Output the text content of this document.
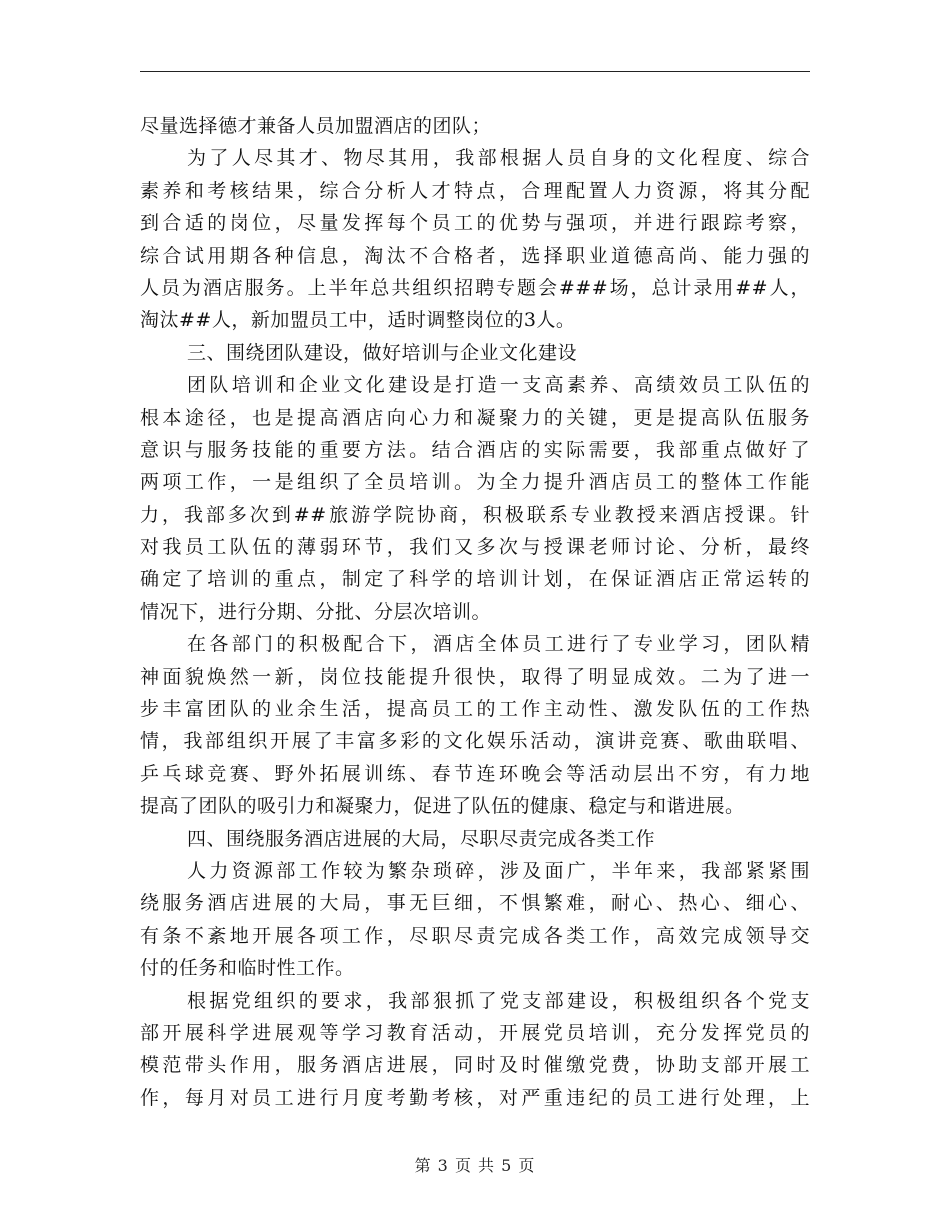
尽量选择德才兼备人员加盟酒店的团队；
为了人尽其才、物尽其用，我部根据人员自身的文化程度、综合
素养和考核结果，综合分析人才特点，合理配置人力资源，将其分配
到合适的岗位，尽量发挥每个员工的优势与强项，并进行跟踪考察，
综合试用期各种信息，淘汰不合格者，选择职业道德高尚、能力强的
人员为酒店服务。上半年总共组织招聘专题会###场，总计录用##人，
淘汰##人，新加盟员工中，适时调整岗位的3人。
三、围绕团队建设，做好培训与企业文化建设
团队培训和企业文化建设是打造一支高素养、高绩效员工队伍的
根本途径，也是提高酒店向心力和凝聚力的关键，更是提高队伍服务
意识与服务技能的重要方法。结合酒店的实际需要，我部重点做好了
两项工作，一是组织了全员培训。为全力提升酒店员工的整体工作能
力，我部多次到##旅游学院协商，积极联系专业教授来酒店授课。针
对我员工队伍的薄弱环节，我们又多次与授课老师讨论、分析，最终
确定了培训的重点，制定了科学的培训计划，在保证酒店正常运转的
情况下，进行分期、分批、分层次培训。
在各部门的积极配合下，酒店全体员工进行了专业学习，团队精
神面貌焕然一新，岗位技能提升很快，取得了明显成效。二为了进一
步丰富团队的业余生活，提高员工的工作主动性、激发队伍的工作热
情，我部组织开展了丰富多彩的文化娱乐活动，演讲竞赛、歌曲联唱、
乒乓球竞赛、野外拓展训练、春节连环晚会等活动层出不穷，有力地
提高了团队的吸引力和凝聚力，促进了队伍的健康、稳定与和谐进展。
四、围绕服务酒店进展的大局，尽职尽责完成各类工作
人力资源部工作较为繁杂琐碎，涉及面广，半年来，我部紧紧围
绕服务酒店进展的大局，事无巨细，不惧繁难，耐心、热心、细心、
有条不紊地开展各项工作，尽职尽责完成各类工作，高效完成领导交
付的任务和临时性工作。
根据党组织的要求，我部狠抓了党支部建设，积极组织各个党支
部开展科学进展观等学习教育活动，开展党员培训，充分发挥党员的
模范带头作用，服务酒店进展，同时及时催缴党费，协助支部开展工
作，每月对员工进行月度考勤考核，对严重违纪的员工进行处理，上
第 3 页 共 5 页
